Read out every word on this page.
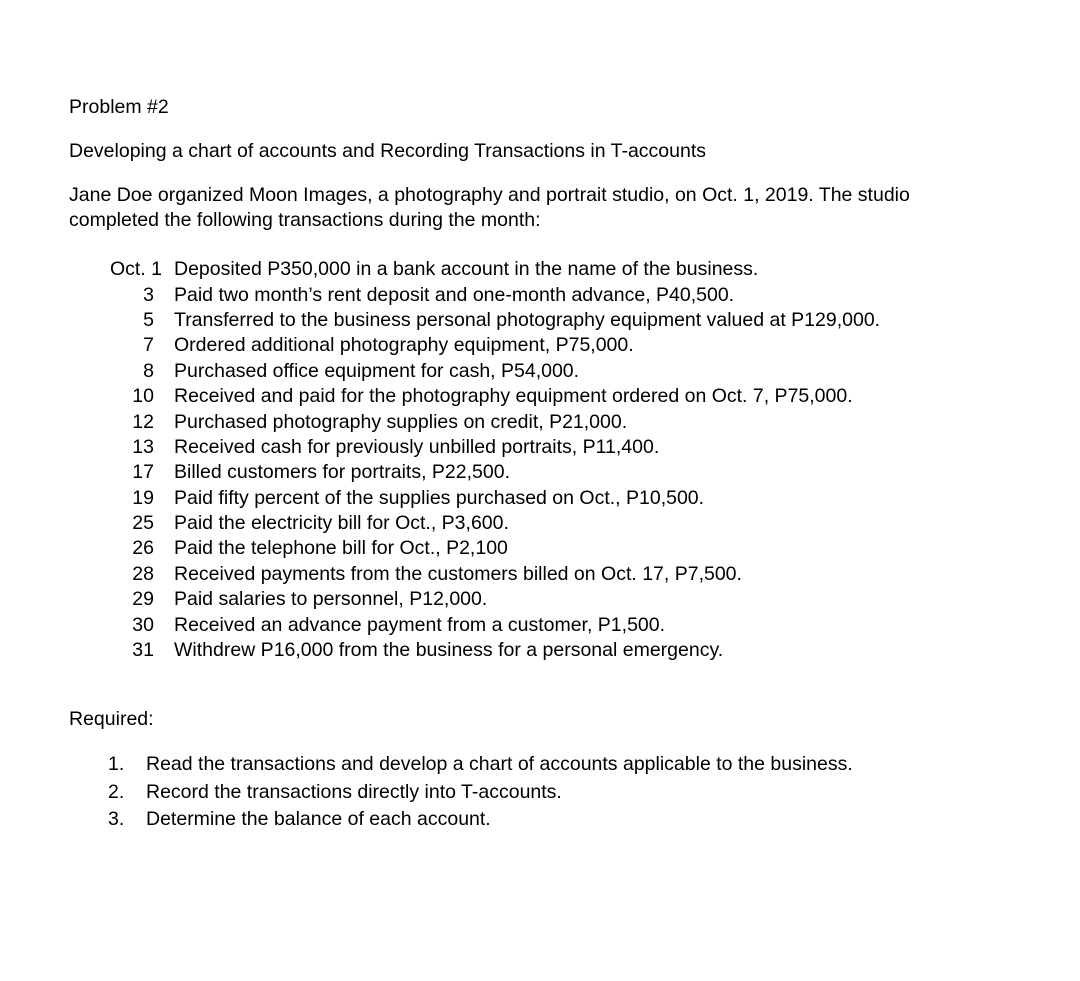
Problem #2
Developing a chart of accounts and Recording Transactions in T-accounts
Jane Doe organized Moon Images, a photography and portrait studio, on Oct. 1, 2019. The studio
completed the following transactions during the month:
Oct. 1 Deposited P350,000 in a bank account in the name of the business.
3	Paid two month’s rent deposit and one-month advance, P40,500.
5	Transferred to the business personal photography equipment valued at P129,000.
7	Ordered additional photography equipment, P75,000.
8	Purchased office equipment for cash, P54,000.
10	Received and paid for the photography equipment ordered on Oct. 7, P75,000.
12	Purchased photography supplies on credit, P21,000.
13	Received cash for previously unbilled portraits, P11,400.
17	Billed customers for portraits, P22,500.
19	Paid fifty percent of the supplies purchased on Oct., P10,500.
25	Paid the electricity bill for Oct., P3,600.
26	Paid the telephone bill for Oct., P2,100
28	Received payments from the customers billed on Oct. 17, P7,500.
29	Paid salaries to personnel, P12,000.
30	Received an advance payment from a customer, P1,500.
31	Withdrew P16,000 from the business for a personal emergency.
Required:
1.	Read the transactions and develop a chart of accounts applicable to the business.
2.	Record the transactions directly into T-accounts.
3.	Determine the balance of each account.
